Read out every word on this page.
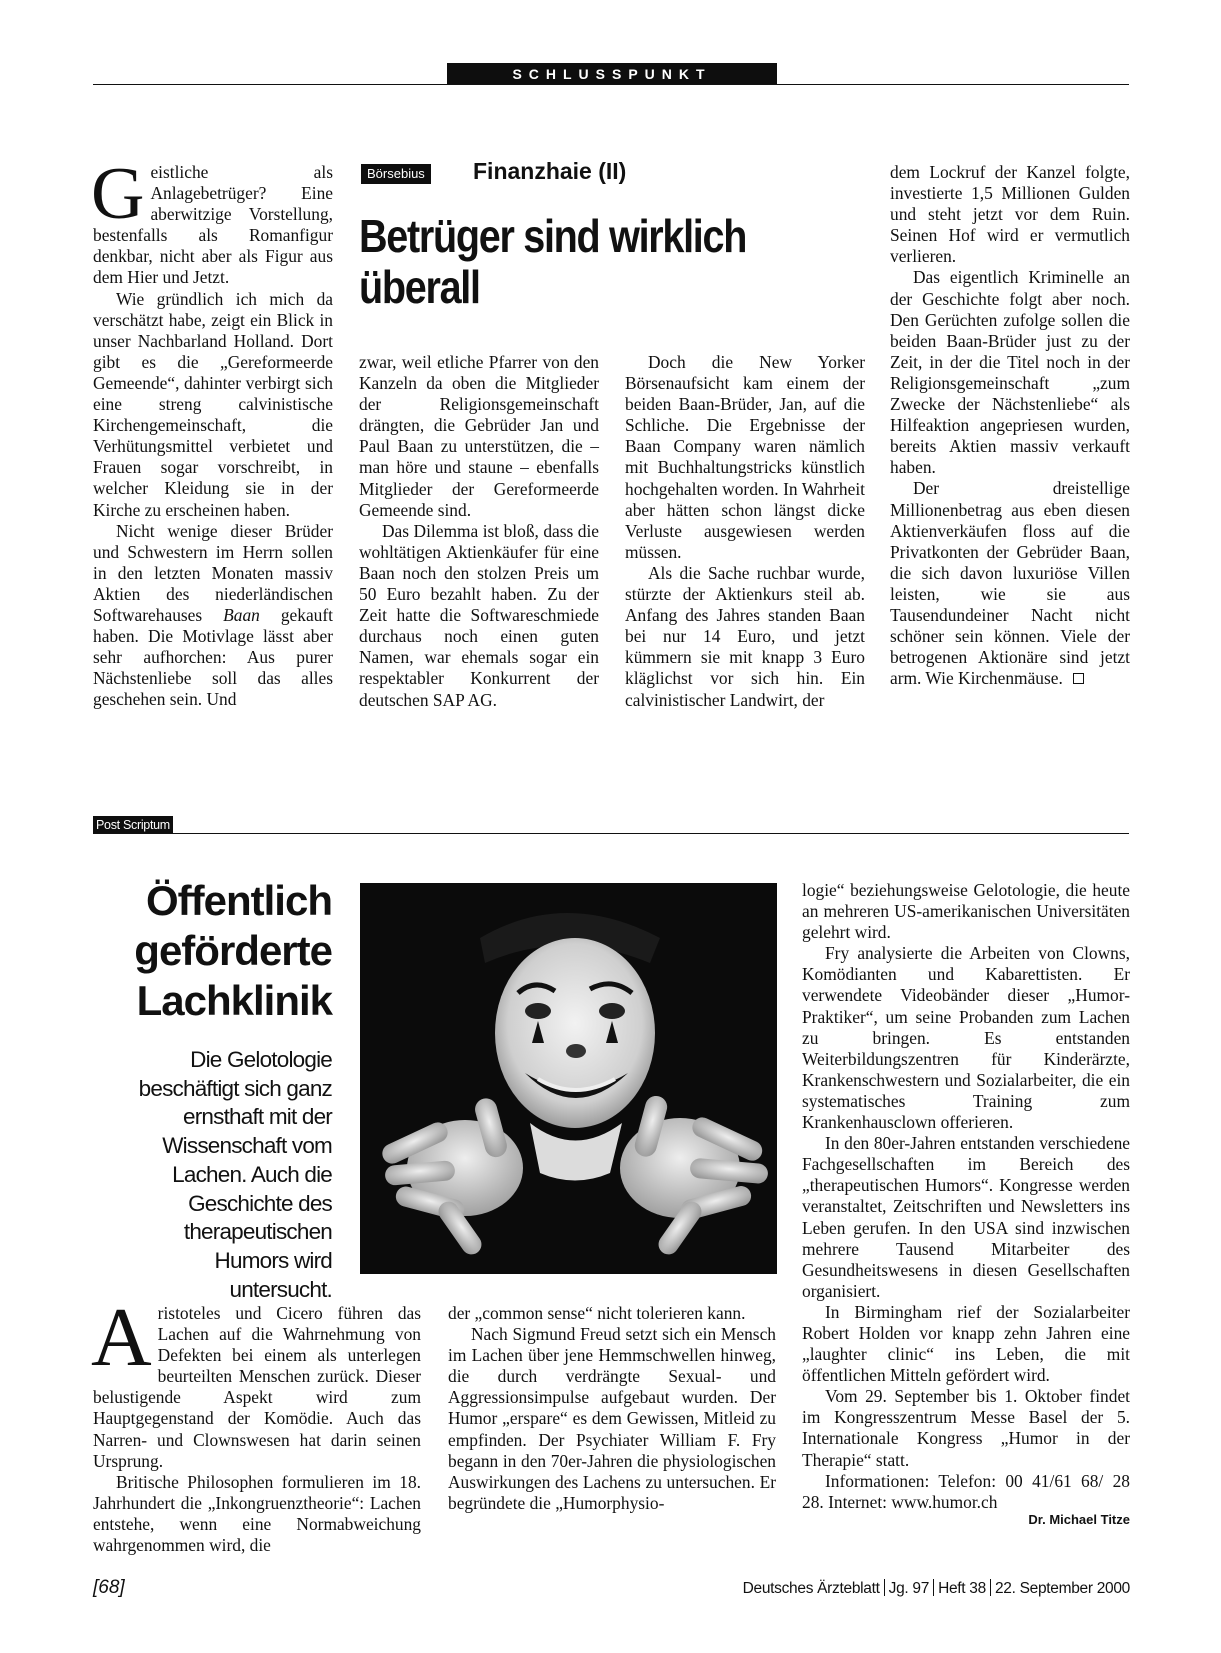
SCHLUSSPUNKT

Geistliche als Anlagebetrüger? Eine aberwitzige Vorstellung, bestenfalls als Romanfigur denkbar, nicht aber als Figur aus dem Hier und Jetzt.

Wie gründlich ich mich da verschätzt habe, zeigt ein Blick in unser Nachbarland Holland. Dort gibt es die „Gereformeerde Gemeende“, dahinter verbirgt sich eine streng calvinistische Kirchengemeinschaft, die Verhütungsmittel verbietet und Frauen sogar vorschreibt, in welcher Kleidung sie in der Kirche zu erscheinen haben.

Nicht wenige dieser Brüder und Schwestern im Herrn sollen in den letzten Monaten massiv Aktien des niederländischen Softwarehauses Baan gekauft haben. Die Motivlage lässt aber sehr aufhorchen: Aus purer Nächstenliebe soll das alles geschehen sein. Und

Börsebius Finanzhaie (II)
Betrüger sind wirklich überall

zwar, weil etliche Pfarrer von den Kanzeln da oben die Mitglieder der Religionsgemeinschaft drängten, die Gebrüder Jan und Paul Baan zu unterstützen, die – man höre und staune – ebenfalls Mitglieder der Gereformeerde Gemeende sind.

Das Dilemma ist bloß, dass die wohltätigen Aktienkäufer für eine Baan noch den stolzen Preis um 50 Euro bezahlt haben. Zu der Zeit hatte die Softwareschmiede durchaus noch einen guten Namen, war ehemals sogar ein respektabler Konkurrent der deutschen SAP AG.

Doch die New Yorker Börsenaufsicht kam einem der beiden Baan-Brüder, Jan, auf die Schliche. Die Ergebnisse der Baan Company waren nämlich mit Buchhaltungstricks künstlich hochgehalten worden. In Wahrheit aber hätten schon längst dicke Verluste ausgewiesen werden müssen.

Als die Sache ruchbar wurde, stürzte der Aktienkurs steil ab. Anfang des Jahres standen Baan bei nur 14 Euro, und jetzt kümmern sie mit knapp 3 Euro kläglichst vor sich hin. Ein calvinistischer Landwirt, der

dem Lockruf der Kanzel folgte, investierte 1,5 Millionen Gulden und steht jetzt vor dem Ruin. Seinen Hof wird er vermutlich verlieren.

Das eigentlich Kriminelle an der Geschichte folgt aber noch. Den Gerüchten zufolge sollen die beiden Baan-Brüder just zu der Zeit, in der die Titel noch in der Religionsgemeinschaft „zum Zwecke der Nächstenliebe“ als Hilfeaktion angepriesen wurden, bereits Aktien massiv verkauft haben.

Der dreistellige Millionenbetrag aus eben diesen Aktienverkäufen floss auf die Privatkonten der Gebrüder Baan, die sich davon luxuriöse Villen leisten, wie sie aus Tausendundeiner Nacht nicht schöner sein können. Viele der betrogenen Aktionäre sind jetzt arm. Wie Kirchenmäuse.

Post Scriptum
Öffentlich geförderte Lachklinik
Die Gelotologie beschäftigt sich ganz ernsthaft mit der Wissenschaft vom Lachen. Auch die Geschichte des therapeutischen Humors wird untersucht.

Aristoteles und Cicero führen das Lachen auf die Wahrnehmung von Defekten bei einem als unterlegen beurteilten Menschen zurück. Dieser belustigende Aspekt wird zum Hauptgegenstand der Komödie. Auch das Narren- und Clownswesen hat darin seinen Ursprung.

Britische Philosophen formulieren im 18. Jahrhundert die „Inkongruenztheorie“: Lachen entstehe, wenn eine Normabweichung wahrgenommen wird, die

der „common sense“ nicht tolerieren kann.

Nach Sigmund Freud setzt sich ein Mensch im Lachen über jene Hemmschwellen hinweg, die durch verdrängte Sexual- und Aggressionsimpulse aufgebaut wurden. Der Humor „erspare“ es dem Gewissen, Mitleid zu empfinden. Der Psychiater William F. Fry begann in den 70er-Jahren die physiologischen Auswirkungen des Lachens zu untersuchen. Er begründete die „Humorphysio-

logie“ beziehungsweise Gelotologie, die heute an mehreren US-amerikanischen Universitäten gelehrt wird.

Fry analysierte die Arbeiten von Clowns, Komödianten und Kabarettisten. Er verwendete Videobänder dieser „Humor-Praktiker“, um seine Probanden zum Lachen zu bringen. Es entstanden Weiterbildungszentren für Kinderärzte, Krankenschwestern und Sozialarbeiter, die ein systematisches Training zum Krankenhausclown offerieren.

In den 80er-Jahren entstanden verschiedene Fachgesellschaften im Bereich des „therapeutischen Humors“. Kongresse werden veranstaltet, Zeitschriften und Newsletters ins Leben gerufen. In den USA sind inzwischen mehrere Tausend Mitarbeiter des Gesundheitswesens in diesen Gesellschaften organisiert.

In Birmingham rief der Sozialarbeiter Robert Holden vor knapp zehn Jahren eine „laughter clinic“ ins Leben, die mit öffentlichen Mitteln gefördert wird.

Vom 29. September bis 1. Oktober findet im Kongresszentrum Messe Basel der 5. Internationale Kongress „Humor in der Therapie“ statt.

Informationen: Telefon: 00 41/61 68/ 28 28. Internet: www.humor.ch

Dr. Michael Titze
[68]	Deutsches Ärzteblatt Jg. 97 Heft 38 22. September 2000
